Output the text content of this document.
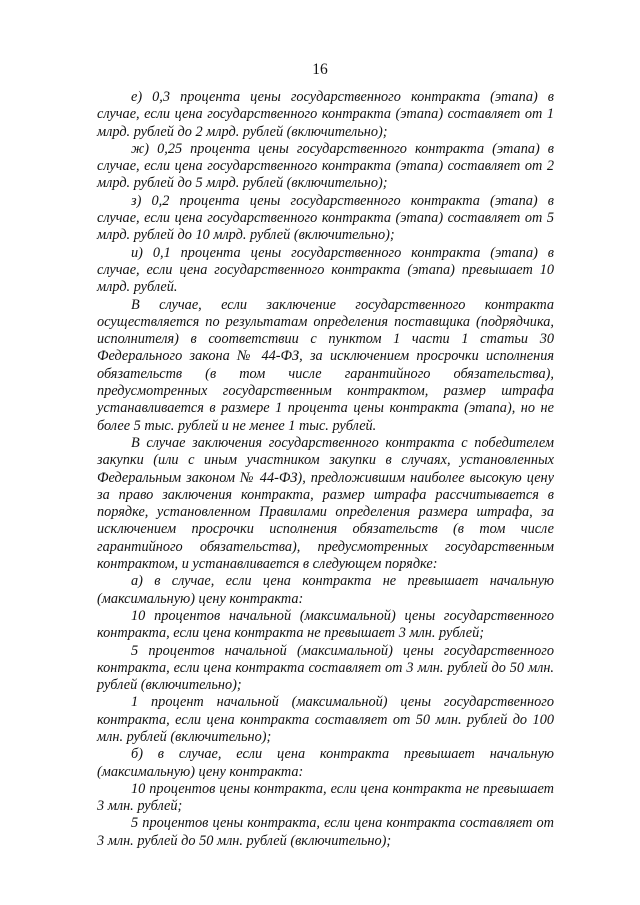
16

е) 0,3 процента цены государственного контракта (этапа) в случае, если цена государственного контракта (этапа) составляет от 1 млрд. рублей до 2 млрд. рублей (включительно);

ж) 0,25 процента цены государственного контракта (этапа) в случае, если цена государственного контракта (этапа) составляет от 2 млрд. рублей до 5 млрд. рублей (включительно);

з) 0,2 процента цены государственного контракта (этапа) в случае, если цена государственного контракта (этапа) составляет от 5 млрд. рублей до 10 млрд. рублей (включительно);

и) 0,1 процента цены государственного контракта (этапа) в случае, если цена государственного контракта (этапа) превышает 10 млрд. рублей.

В случае, если заключение государственного контракта осуществляется по результатам определения поставщика (подрядчика, исполнителя) в соответствии с пунктом 1 части 1 статьи 30 Федерального закона № 44-ФЗ, за исключением просрочки исполнения обязательств (в том числе гарантийного обязательства), предусмотренных государственным контрактом, размер штрафа устанавливается в размере 1 процента цены контракта (этапа), но не более 5 тыс. рублей и не менее 1 тыс. рублей.

В случае заключения государственного контракта с победителем закупки (или с иным участником закупки в случаях, установленных Федеральным законом № 44-ФЗ), предложившим наиболее высокую цену за право заключения контракта, размер штрафа рассчитывается в порядке, установленном Правилами определения размера штрафа, за исключением просрочки исполнения обязательств (в том числе гарантийного обязательства), предусмотренных государственным контрактом, и устанавливается в следующем порядке:

а) в случае, если цена контракта не превышает начальную (максимальную) цену контракта:

10 процентов начальной (максимальной) цены государственного контракта, если цена контракта не превышает 3 млн. рублей;

5 процентов начальной (максимальной) цены государственного контракта, если цена контракта составляет от 3 млн. рублей до 50 млн. рублей (включительно);

1 процент начальной (максимальной) цены государственного контракта, если цена контракта составляет от 50 млн. рублей до 100 млн. рублей (включительно);

б) в случае, если цена контракта превышает начальную (максимальную) цену контракта:

10 процентов цены контракта, если цена контракта не превышает 3 млн. рублей;

5 процентов цены контракта, если цена контракта составляет от 3 млн. рублей до 50 млн. рублей (включительно);
